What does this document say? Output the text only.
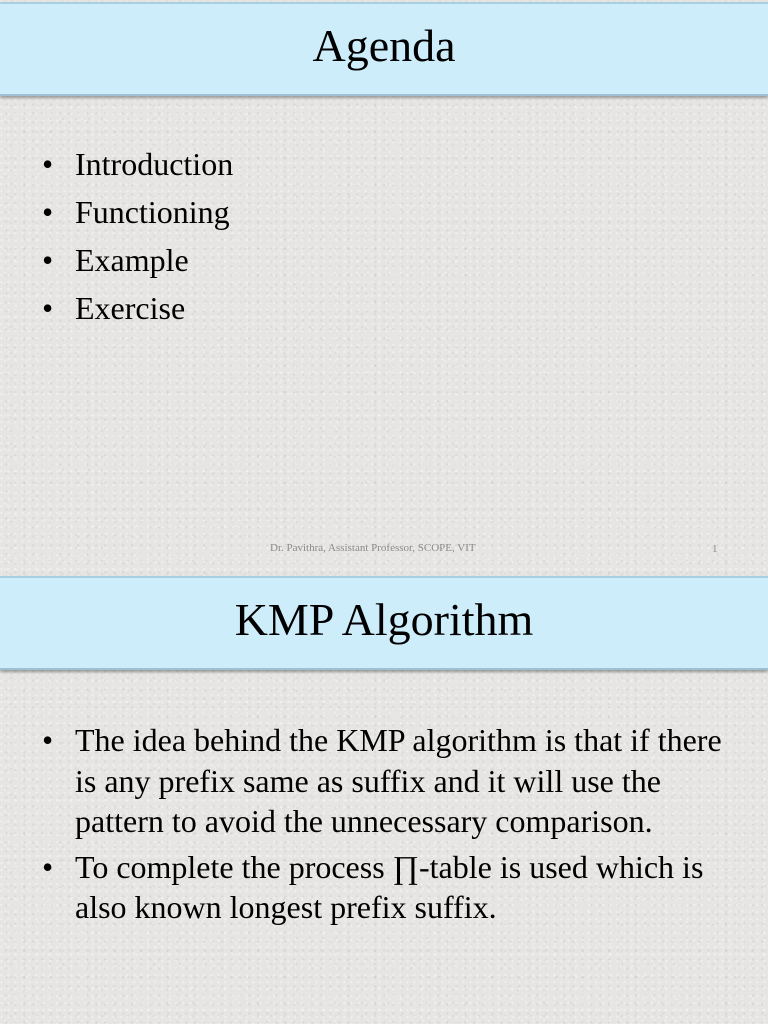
Agenda
• Introduction
• Functioning
• Example
• Exercise
Dr. Pavithra, Assistant Professor, SCOPE, VIT	1
KMP Algorithm
• The idea behind the KMP algorithm is that if there is any prefix same as suffix and it will use the pattern to avoid the unnecessary comparison.
• To complete the process ∏-table is used which is also known longest prefix suffix.
